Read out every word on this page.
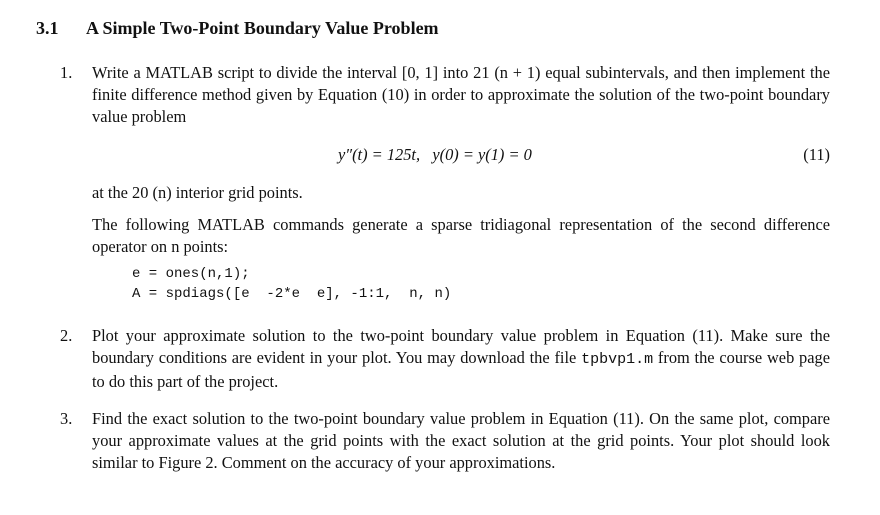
3.1 A Simple Two-Point Boundary Value Problem
1.	Write a MATLAB script to divide the interval [0, 1] into 21 (n + 1) equal subintervals, and then implement the finite difference method given by Equation (10) in order to approximate the solution of the two-point boundary value problem

y″(t) = 125t,   y(0) = y(1) = 0	(11)

at the 20 (n) interior grid points.

The following MATLAB commands generate a sparse tridiagonal representation of the second difference operator on n points:

e = ones(n,1);
A = spdiags([e  -2*e  e], -1:1,  n, n)
2.	Plot your approximate solution to the two-point boundary value problem in Equation (11). Make sure the boundary conditions are evident in your plot. You may download the file tpbvp1.m from the course web page to do this part of the project.

3.	Find the exact solution to the two-point boundary value problem in Equation (11). On the same plot, compare your approximate values at the grid points with the exact solution at the grid points. Your plot should look similar to Figure 2. Comment on the accuracy of your approximations.
